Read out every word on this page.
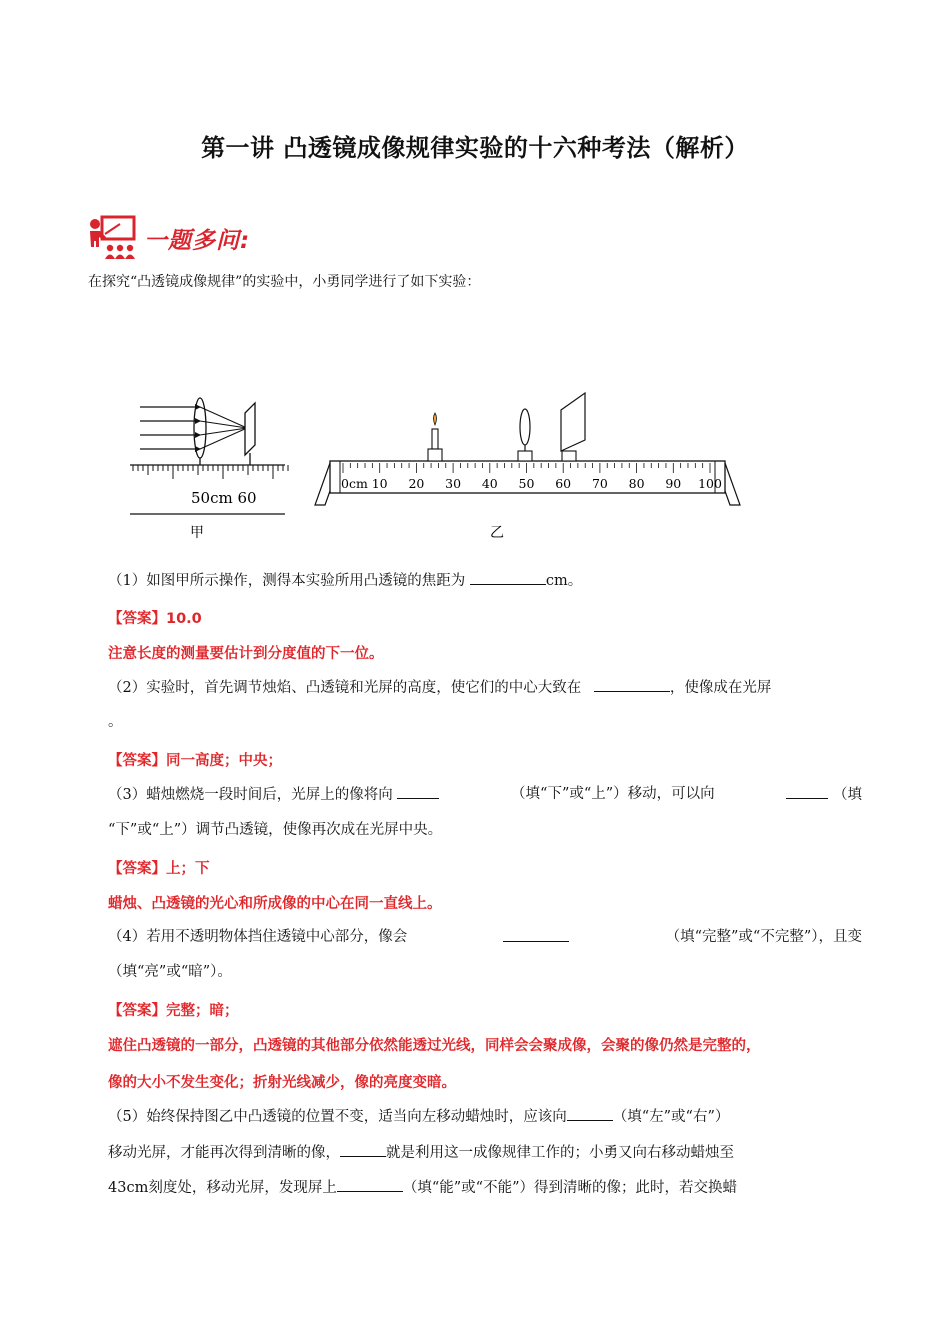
第一讲 凸透镜成像规律实验的十六种考法（解析）
一题多问:
在探究“凸透镜成像规律”的实验中，小勇同学进行了如下实验：
50cm 60
甲
0cm 10 20 30 40 50 60 70 80 90 100
乙
（1）如图甲所示操作，测得本实验所用凸透镜的焦距为	cm。
【答案】10.0
注意长度的测量要估计到分度值的下一位。
（2）实验时，首先调节烛焰、凸透镜和光屏的高度，使它们的中心大致在	，使像成在光屏
。
【答案】同一高度；中央；
（3）蜡烛燃烧一段时间后，光屏上的像将向	（填“下”或“上”）移动，可以向	（填
“下”或“上”）调节凸透镜，使像再次成在光屏中央。
【答案】上；下
蜡烛、凸透镜的光心和所成像的中心在同一直线上。
（4）若用不透明物体挡住透镜中心部分，像会	（填“完整”或“不完整”），且变
（填“亮”或“暗”）。
【答案】完整；暗；
遮住凸透镜的一部分，凸透镜的其他部分依然能透过光线，同样会会聚成像，会聚的像仍然是完整的，
像的大小不发生变化；折射光线减少，像的亮度变暗。
（5）始终保持图乙中凸透镜的位置不变，适当向左移动蜡烛时，应该向	（填“左”或“右”）
移动光屏，才能再次得到清晰的像，	就是利用这一成像规律工作的；小勇又向右移动蜡烛至
43cm刻度处，移动光屏，发现屏上	（填“能”或“不能”）得到清晰的像；此时，若交换蜡
